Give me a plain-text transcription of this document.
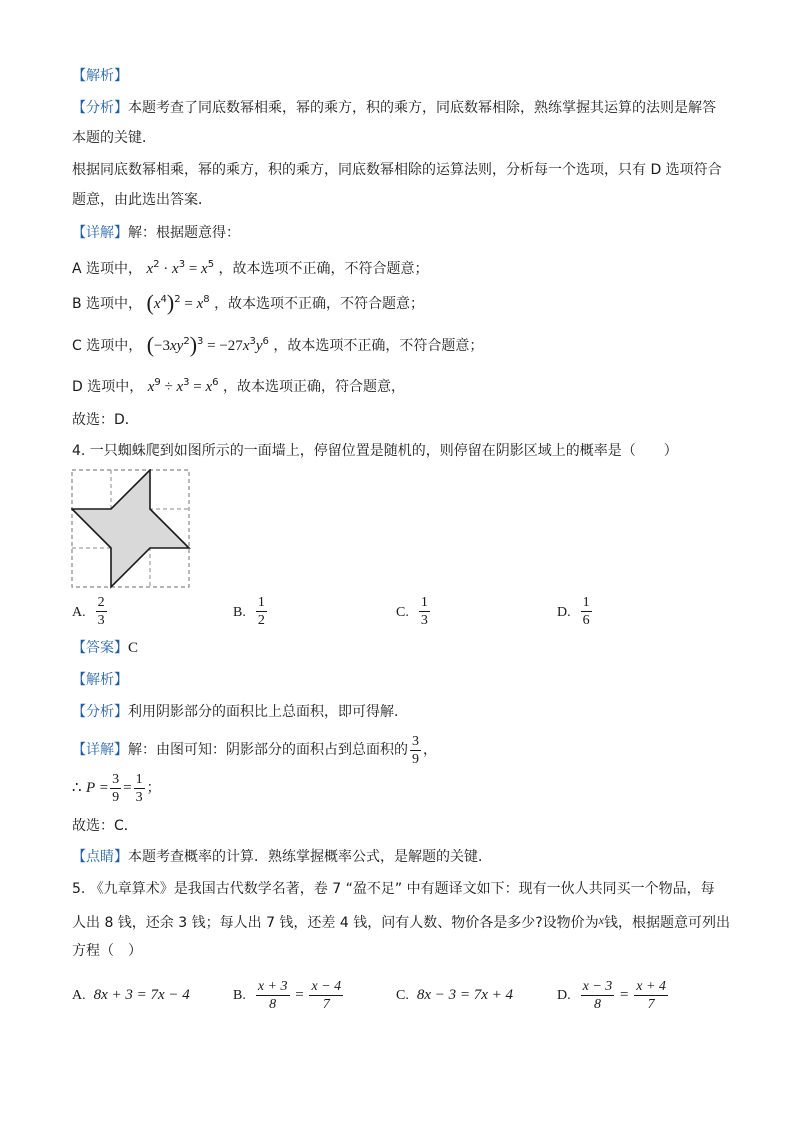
【解析】
【分析】本题考查了同底数幂相乘，幂的乘方，积的乘方，同底数幂相除，熟练掌握其运算的法则是解答
本题的关键．
根据同底数幂相乘，幂的乘方，积的乘方，同底数幂相除的运算法则，分析每一个选项，只有 D 选项符合
题意，由此选出答案．
【详解】解：根据题意得：
A 选项中， $x^2 \cdot x^3 = x^5$ ，故本选项不正确，不符合题意；
B 选项中， $(x^4)^2 = x^8$ ，故本选项不正确，不符合题意；
C 选项中， $(-3xy^2)^3 = -27x^3y^6$ ，故本选项不正确，不符合题意；
D 选项中， $x^9 \div x^3 = x^6$ ，故本选项正确，符合题意，
故选：D．
4. 一只蜘蛛爬到如图所示的一面墙上，停留位置是随机的，则停留在阴影区域上的概率是（　　）
A. $\frac{2}{3}$	B. $\frac{1}{2}$	C. $\frac{1}{3}$	D. $\frac{1}{6}$
【答案】C
【解析】
【分析】利用阴影部分的面积比上总面积，即可得解．
【详解】解：由图可知：阴影部分的面积占到总面积的 $\frac{3}{9}$ ，
∴ $P = \frac{3}{9} = \frac{1}{3}$ ；
故选：C．
【点睛】本题考查概率的计算．熟练掌握概率公式，是解题的关键．
5. 《九章算术》是我国古代数学名著，卷 7 “盈不足” 中有题译文如下：现有一伙人共同买一个物品，每
人出 8 钱，还余 3 钱；每人出 7 钱，还差 4 钱，问有人数、物价各是多少?设物价为x钱，根据题意可列出
方程（　）
A. 8x + 3 = 7x − 4	B. $\frac{x + 3}{8} = \frac{x - 4}{7}$	C. 8x − 3 = 7x + 4	D. $\frac{x - 3}{8} = \frac{x + 4}{7}$
